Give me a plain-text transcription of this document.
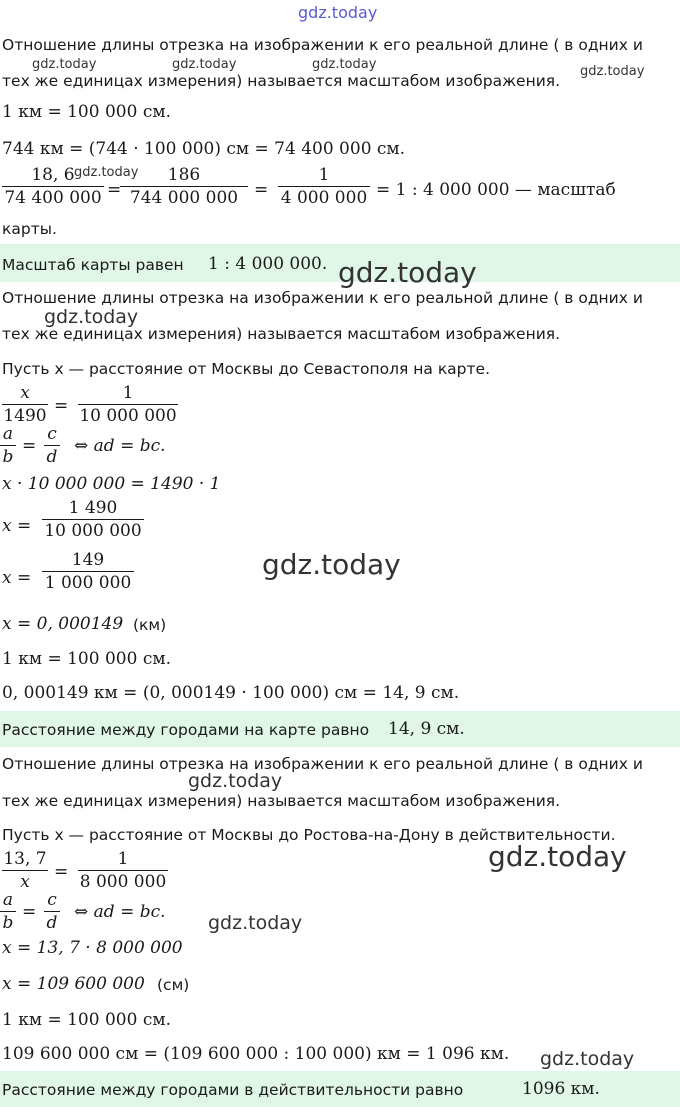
gdz.today
Отношение длины отрезка на изображении к его реальной длине ( в одних и
gdz.today	gdz.today	gdz.today
тех же единицах измерения) называется масштабом изображения.
gdz.today
1 км = 100 000 см.
744 км = (744 · 100 000) см = 74 400 000 см.
18, 6
74 400 000
gdz.today
=
186
744 000 000 =
1
4 000 000 = 1 : 4 000 000 — масштаб
карты.
Масштаб карты равен 1 : 4 000 000. gdz.today
Отношение длины отрезка на изображении к его реальной длине ( в одних и
gdz.today
тех же единицах измерения) называется масштабом изображения.
Пусть x — расстояние от Москвы до Севастополя на карте.
x
1490 =
1
10 000 000
a
b
=
c
d
⇔ ad = bc.
x · 10 000 000 = 1490 · 1
x =
1 490
10 000 000
x =
149
1 000 000
gdz.today
x = 0, 000149 (км)
1 км = 100 000 см.
0, 000149 км = (0, 000149 · 100 000) см = 14, 9 см.
Расстояние между городами на карте равно 14, 9 см.
Отношение длины отрезка на изображении к его реальной длине ( в одних и
gdz.today
тех же единицах измерения) называется масштабом изображения.
Пусть x — расстояние от Москвы до Ростова-на-Дону в действительности.
gdz.today
13, 7
x	=
1
8 000 000
a
b
=
c
d
⇔ ad = bc. gdz.today
x = 13, 7 · 8 000 000
x = 109 600 000 (см)
1 км = 100 000 см.
109 600 000 см = (109 600 000 : 100 000) км = 1 096 км. gdz.today
Расстояние между городами в действительности равно	1096 км.
